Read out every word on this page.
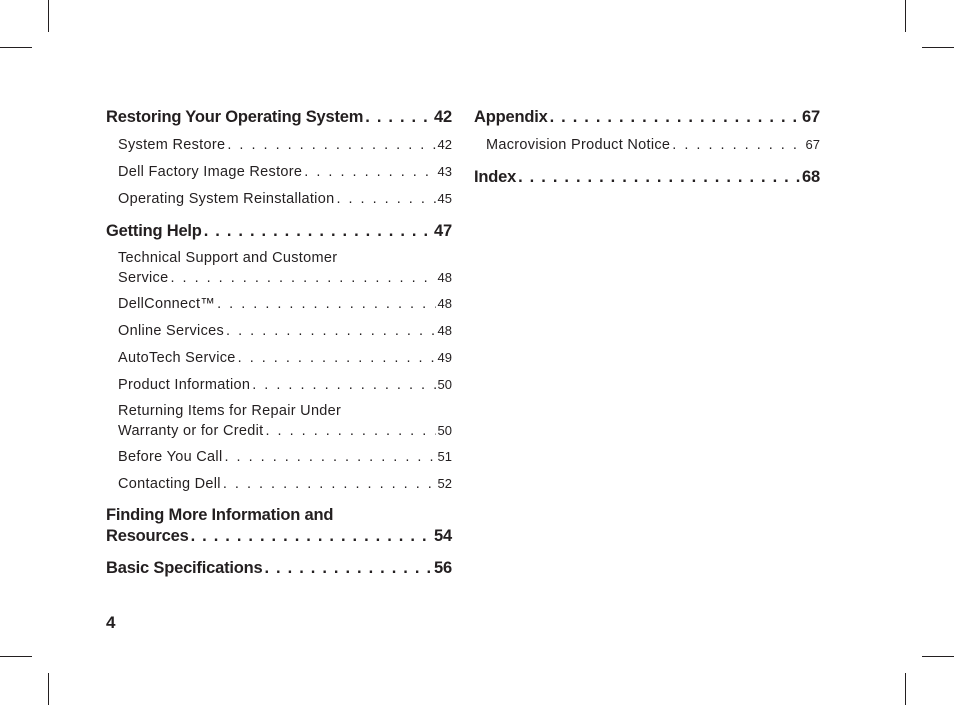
Restoring Your Operating System . . .	42
System Restore . . .	42
Dell Factory Image Restore . . .	43
Operating System Reinstallation . . .	45
Getting Help . . .	47
Technical Support and Customer
Service . . .	48
DellConnect™ . . .	48
Online Services . . .	48
AutoTech Service . . .	49
Product Information . . .	50
Returning Items for Repair Under
Warranty or for Credit . . .	50
Before You Call . . .	51
Contacting Dell . . .	52
Finding More Information and
Resources . . .	54
Basic Specifications . . .	56
Appendix . . .	67
Macrovision Product Notice . . .	67
Index . . .	68
4
